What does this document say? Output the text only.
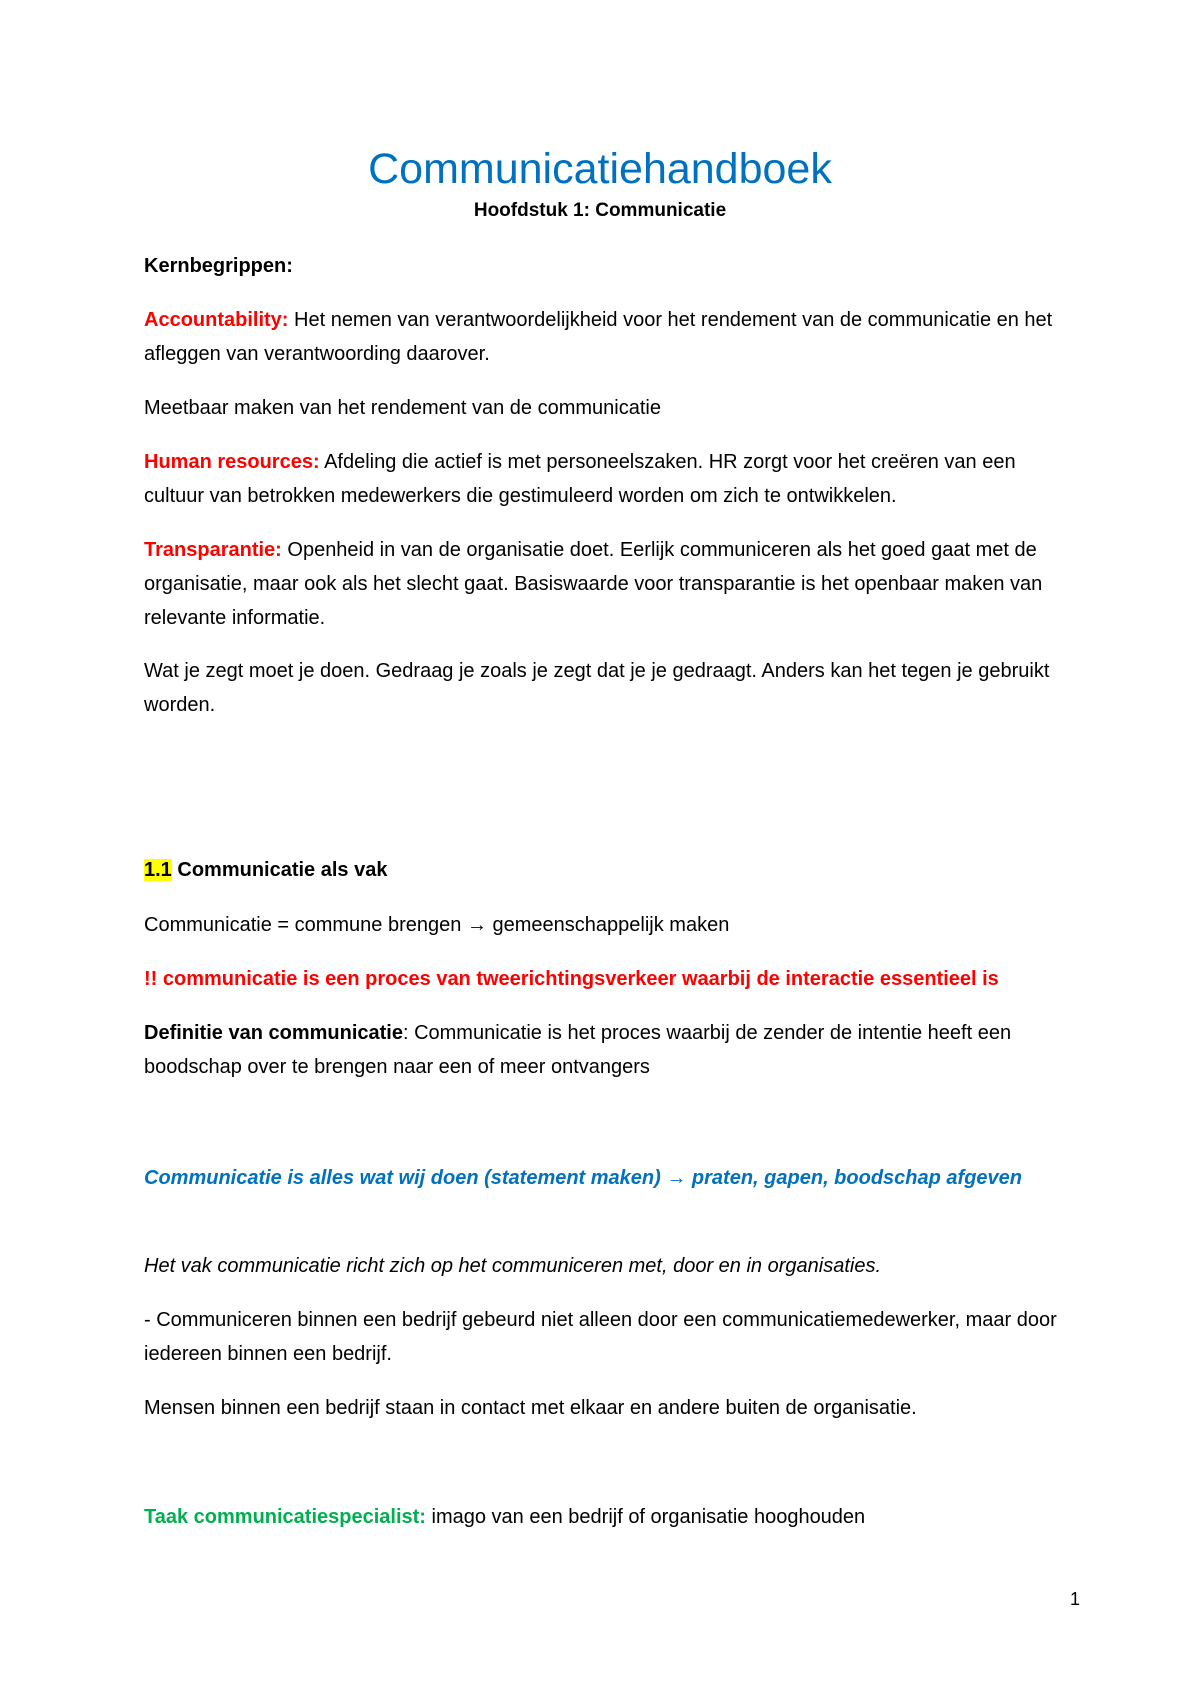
Communicatiehandboek
Hoofdstuk 1: Communicatie

Kernbegrippen:

Accountability: Het nemen van verantwoordelijkheid voor het rendement van de communicatie en het afleggen van verantwoording daarover.

Meetbaar maken van het rendement van de communicatie

Human resources: Afdeling die actief is met personeelszaken. HR zorgt voor het creëren van een cultuur van betrokken medewerkers die gestimuleerd worden om zich te ontwikkelen.

Transparantie: Openheid in van de organisatie doet. Eerlijk communiceren als het goed gaat met de organisatie, maar ook als het slecht gaat. Basiswaarde voor transparantie is het openbaar maken van relevante informatie.

Wat je zegt moet je doen. Gedraag je zoals je zegt dat je je gedraagt. Anders kan het tegen je gebruikt worden.

1.1 Communicatie als vak

Communicatie = commune brengen → gemeenschappelijk maken

!! communicatie is een proces van tweerichtingsverkeer waarbij de interactie essentieel is

Definitie van communicatie: Communicatie is het proces waarbij de zender de intentie heeft een boodschap over te brengen naar een of meer ontvangers

Communicatie is alles wat wij doen (statement maken) → praten, gapen, boodschap afgeven

Het vak communicatie richt zich op het communiceren met, door en in organisaties.

- Communiceren binnen een bedrijf gebeurd niet alleen door een communicatiemedewerker, maar door iedereen binnen een bedrijf.

Mensen binnen een bedrijf staan in contact met elkaar en andere buiten de organisatie.

Taak communicatiespecialist: imago van een bedrijf of organisatie hooghouden

1
